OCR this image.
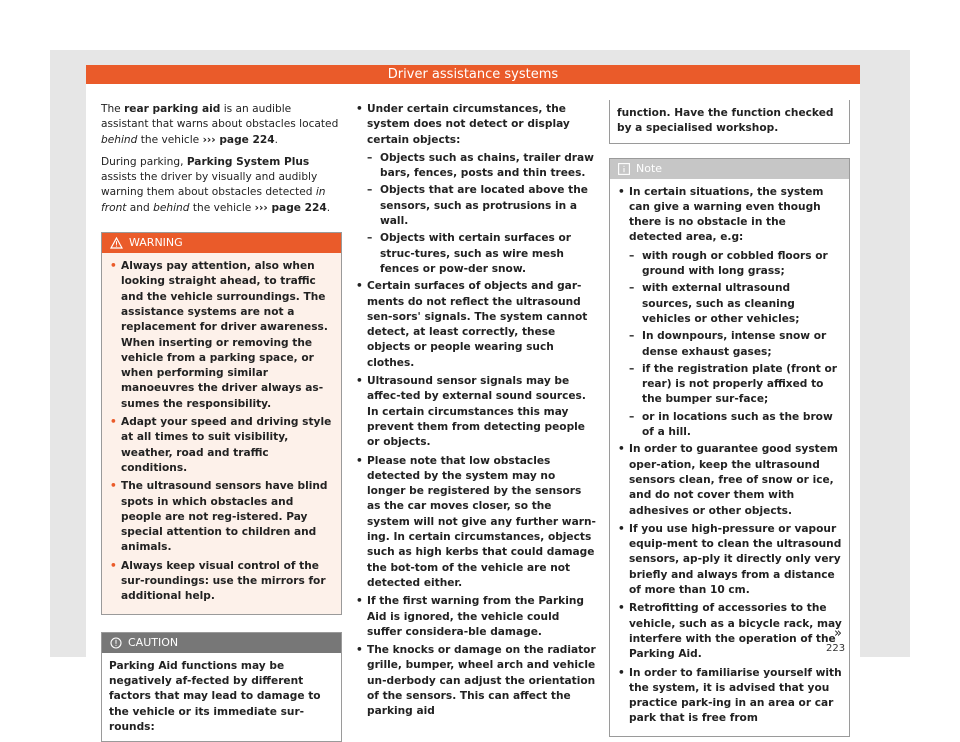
Driver assistance systems

The rear parking aid is an audible assistant that warns about obstacles located behind the vehicle ››› page 224.

During parking, Parking System Plus assists the driver by visually and audibly warning them about obstacles detected in front and behind the vehicle ››› page 224.

WARNING
• Always pay attention, also when looking straight ahead, to traffic and the vehicle surroundings. The assistance systems are not a replacement for driver awareness. When inserting or removing the vehicle from a parking space, or when performing similar manoeuvres the driver always as-sumes the responsibility.
• Adapt your speed and driving style at all times to suit visibility, weather, road and traffic conditions.
• The ultrasound sensors have blind spots in which obstacles and people are not reg-istered. Pay special attention to children and animals.
• Always keep visual control of the sur-roundings: use the mirrors for additional help.
CAUTION
Parking Aid functions may be negatively af-fected by different factors that may lead to damage to the vehicle or its immediate sur-rounds:
• Under certain circumstances, the system does not detect or display certain objects:
– Objects such as chains, trailer draw bars, fences, posts and thin trees.
– Objects that are located above the sensors, such as protrusions in a wall.
– Objects with certain surfaces or struc-tures, such as wire mesh fences or pow-der snow.
• Certain surfaces of objects and gar-ments do not reflect the ultrasound sen-sors' signals. The system cannot detect, at least correctly, these objects or people wearing such clothes.
• Ultrasound sensor signals may be affec-ted by external sound sources. In certain circumstances this may prevent them from detecting people or objects.
• Please note that low obstacles detected by the system may no longer be registered by the sensors as the car moves closer, so the system will not give any further warn-ing. In certain circumstances, objects such as high kerbs that could damage the bot-tom of the vehicle are not detected either.
• If the first warning from the Parking Aid is ignored, the vehicle could suffer considera-ble damage.
• The knocks or damage on the radiator grille, bumper, wheel arch and vehicle un-derbody can adjust the orientation of the sensors. This can affect the parking aid
function. Have the function checked by a specialised workshop.
Note
• In certain situations, the system can give a warning even though there is no obstacle in the detected area, e.g:
– with rough or cobbled floors or ground with long grass;
– with external ultrasound sources, such as cleaning vehicles or other vehicles;
– In downpours, intense snow or dense exhaust gases;
– if the registration plate (front or rear) is not properly affixed to the bumper sur-face;
– or in locations such as the brow of a hill.
• In order to guarantee good system oper-ation, keep the ultrasound sensors clean, free of snow or ice, and do not cover them with adhesives or other objects.
• If you use high-pressure or vapour equip-ment to clean the ultrasound sensors, ap-ply it directly only very briefly and always from a distance of more than 10 cm.
• Retrofitting of accessories to the vehicle, such as a bicycle rack, may interfere with the operation of the Parking Aid.
• In order to familiarise yourself with the system, it is advised that you practice park-ing in an area or car park that is free from
»
223
